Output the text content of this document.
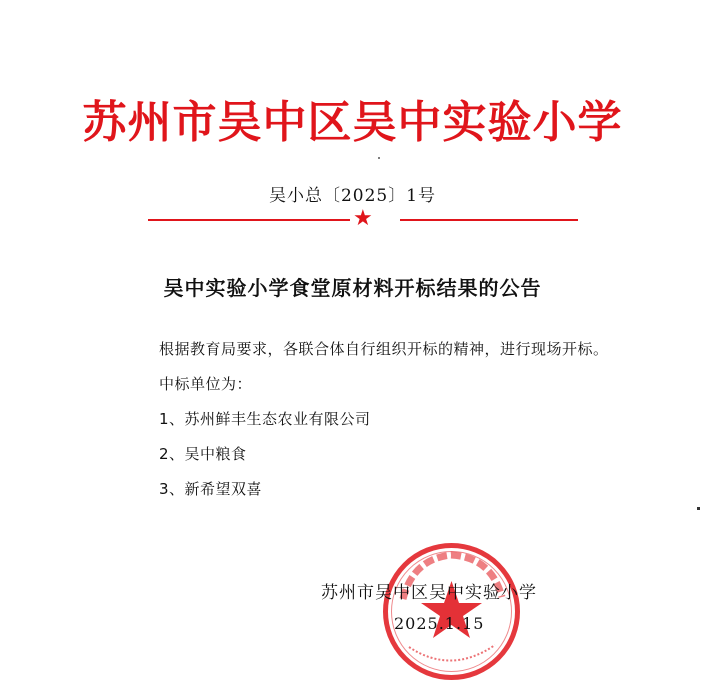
苏州市吴中区吴中实验小学
吴小总〔2025〕1号
★
吴中实验小学食堂原材料开标结果的公告
根据教育局要求，各联合体自行组织开标的精神，进行现场开标。
中标单位为：
1、苏州鲜丰生态农业有限公司
2、吴中粮食
3、新希望双喜
苏州市吴中区吴中实验小学
2025.1.15
